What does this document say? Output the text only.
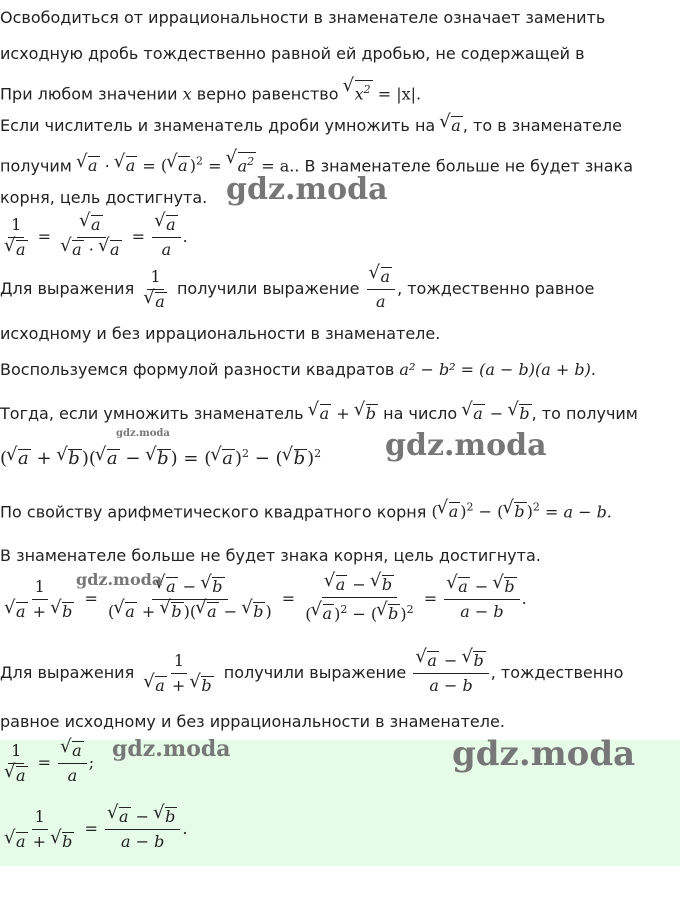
Освободиться от иррациональности в знаменателе означает заменить
исходную дробь тождественно равной ей дробью, не содержащей в
При любом значении x верно равенство √ $x^2 = |x|$.
Если числитель и знаменатель дроби умножить на √ a , то в знаменателе
получим √ a · √ a = ( √ a )$^2$ = √ $a^2 = a$.. В знаменателе больше не будет знака
корня, цель достигнута. gdz.moda
1
√ a = √ a
√ a · √ a = √ $\frac{a}{a}$ .
Для выражения 1
√ a получили выражение √ $\frac{a}{a}$ , тождественно равное
исходному и без иррациональности в знаменателе.
Воспользуемся формулой разности квадратов a² − b² = (a − b)(a + b).
Тогда, если умножить знаменатель √ a + √ b на число √ a − √ b , то получим
( √ a + √ b )( √ a − √ b ) = ( √ a )$^2$ − ( √ b )$^2$
gdz.moda	gdz.moda
По свойству арифметического квадратного корня ( √ a )$^2$ − ( √ b )$^2$ = a − b.
В знаменателе больше не будет знака корня, цель достигнута.
1
√ a + √ b = √ $\frac{a - √ b}{( √ a + √ b )( √ a - √ b )}$ = √ $\frac{a - √ b}{( √ a )^2 - ( √ b )^2}$ = √ $\frac{a - √ b}{a - b}$ .
gdz.moda
Для выражения 1
√ a + √ b получили выражение √ $\frac{a - √ b}{a - b}$ , тождественно
равное исходному и без иррациональности в знаменателе.
1
√ a = √ $\frac{a}{a}$ ;
gdz.moda	gdz.moda
1
√ a + √ b = √ $\frac{a - √ b}{a - b}$ .
